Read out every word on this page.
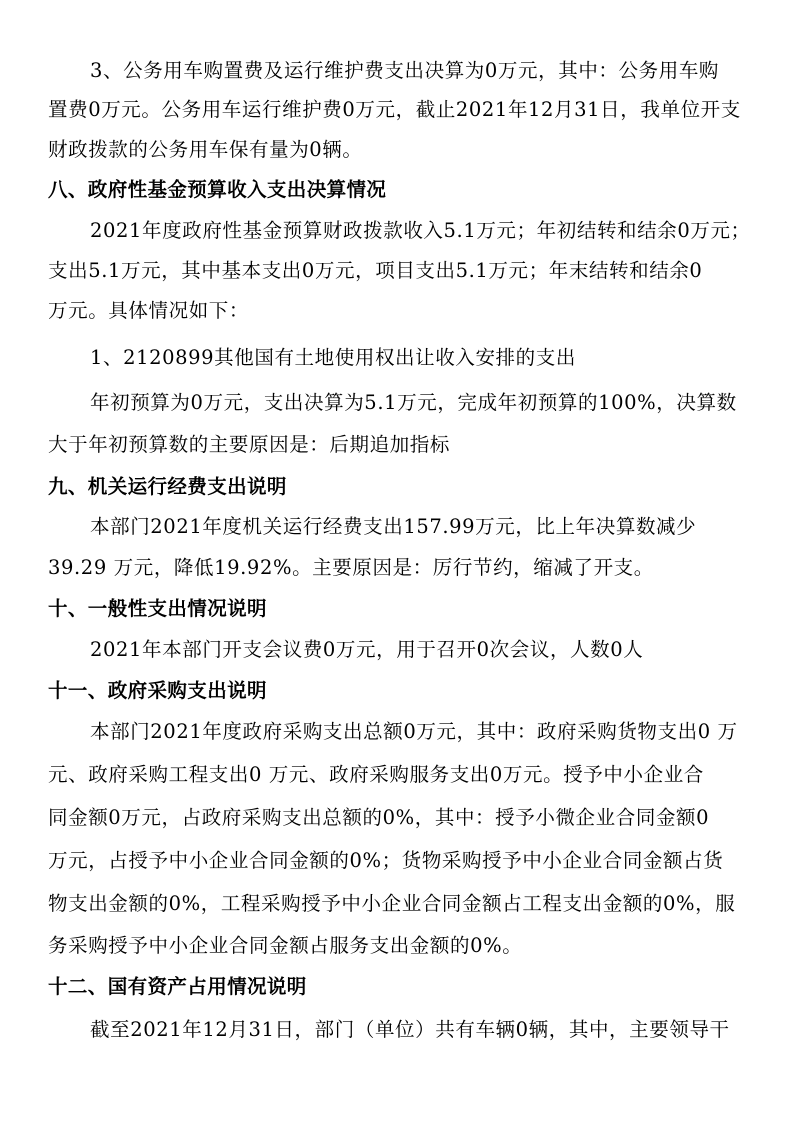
3、公务用车购置费及运行维护费支出决算为0万元，其中：公务用车购
置费0万元。公务用车运行维护费0万元，截止2021年12月31日，我单位开支
财政拨款的公务用车保有量为0辆。
八、政府性基金预算收入支出决算情况
2021年度政府性基金预算财政拨款收入5.1万元；年初结转和结余0万元；
支出5.1万元，其中基本支出0万元，项目支出5.1万元；年末结转和结余0
万元。具体情况如下：
1、2120899其他国有土地使用权出让收入安排的支出
年初预算为0万元，支出决算为5.1万元，完成年初预算的100%，决算数
大于年初预算数的主要原因是：后期追加指标
九、机关运行经费支出说明
本部门2021年度机关运行经费支出157.99万元，比上年决算数减少
39.29 万元，降低19.92%。主要原因是：厉行节约，缩减了开支。
十、一般性支出情况说明
2021年本部门开支会议费0万元，用于召开0次会议，人数0人
十一、政府采购支出说明
本部门2021年度政府采购支出总额0万元，其中：政府采购货物支出0 万
元、政府采购工程支出0 万元、政府采购服务支出0万元。授予中小企业合
同金额0万元，占政府采购支出总额的0%，其中：授予小微企业合同金额0
万元，占授予中小企业合同金额的0%；货物采购授予中小企业合同金额占货
物支出金额的0%，工程采购授予中小企业合同金额占工程支出金额的0%，服
务采购授予中小企业合同金额占服务支出金额的0%。
十二、国有资产占用情况说明
截至2021年12月31日，部门（单位）共有车辆0辆，其中，主要领导干
